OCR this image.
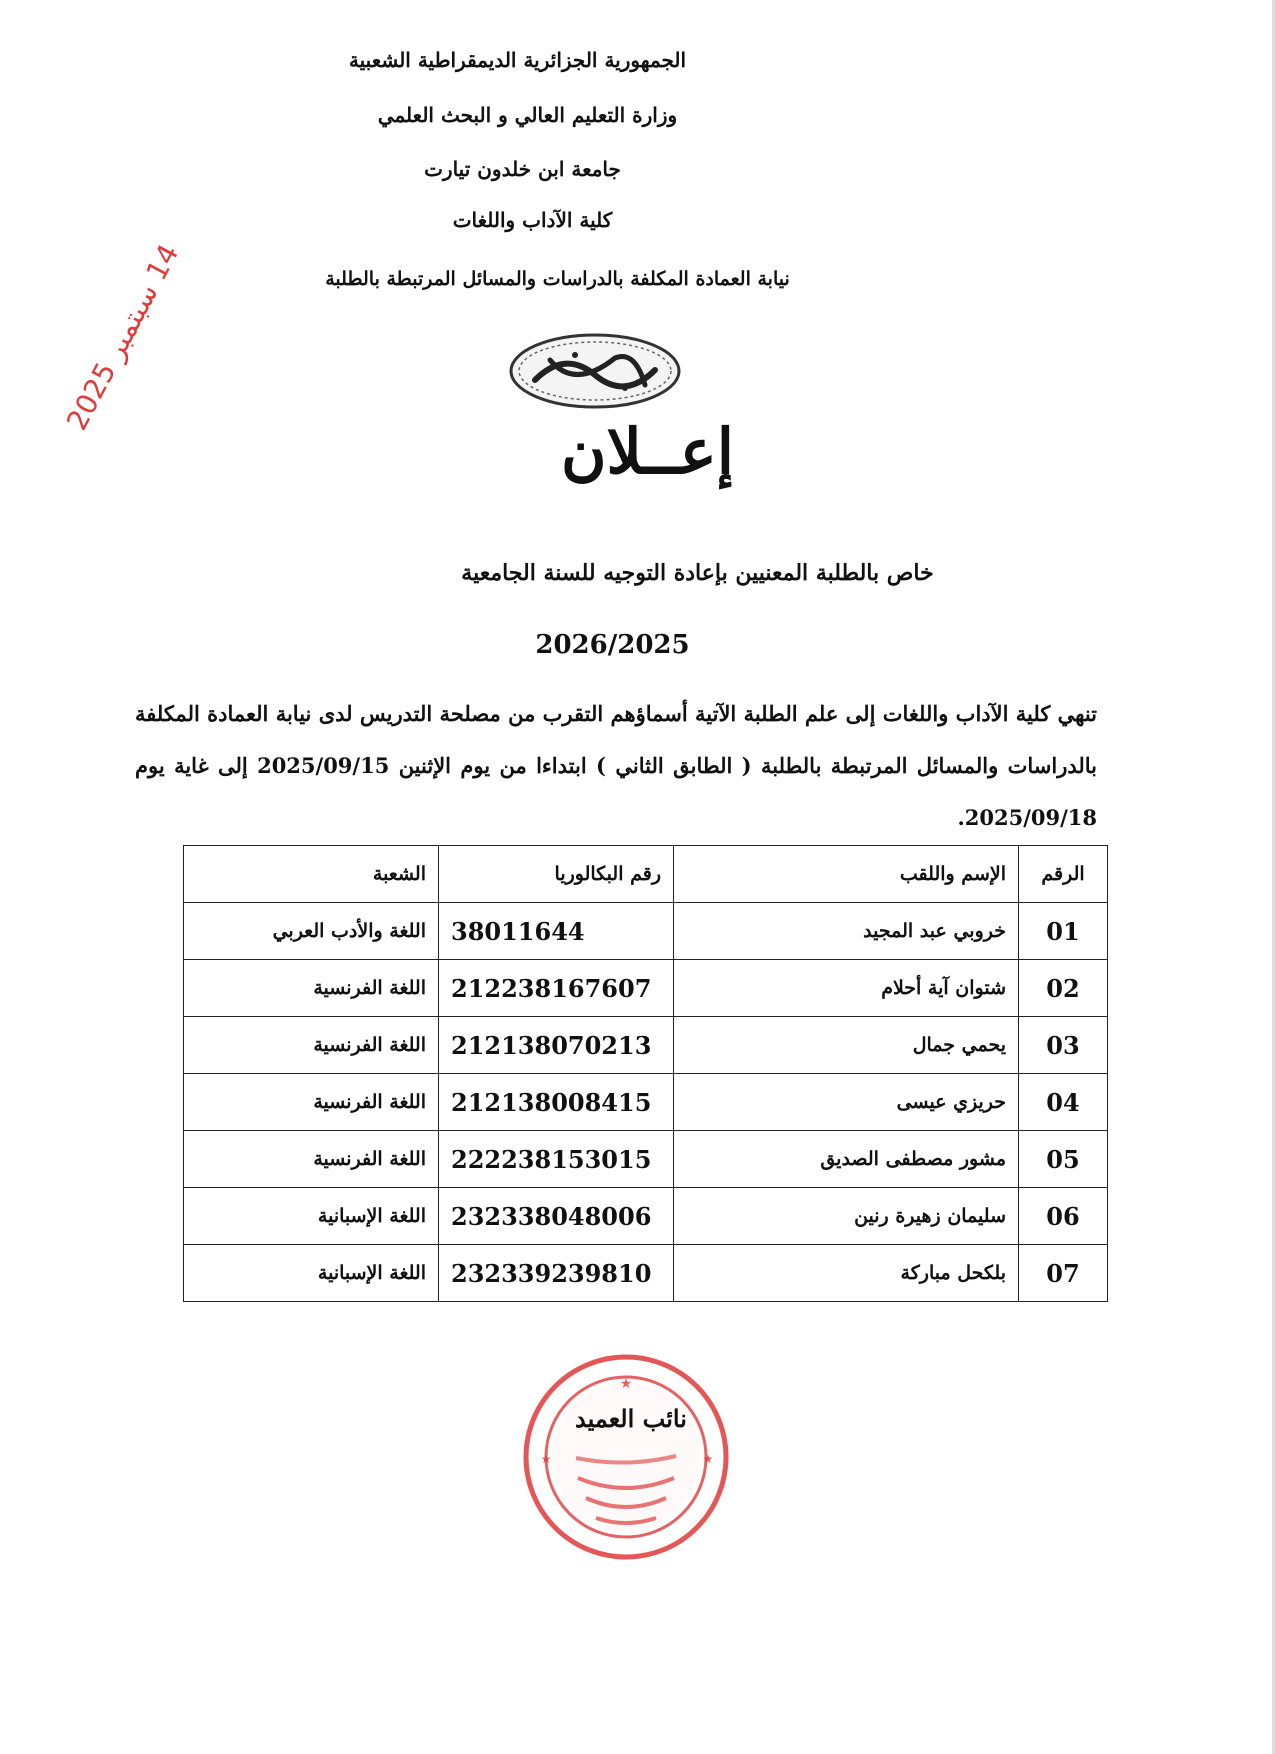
الجمهورية الجزائرية الديمقراطية الشعبية
وزارة التعليم العالي و البحث العلمي
جامعة ابن خلدون تيارت
كلية الآداب واللغات
نيابة العمادة المكلفة بالدراسات والمسائل المرتبطة بالطلبة
إعــلان
14 سبتمبر 2025
خاص بالطلبة المعنيين بإعادة التوجيه للسنة الجامعية
2026/2025
تنهي كلية الآداب واللغات إلى علم الطلبة الآتية أسماؤهم التقرب من مصلحة التدريس لدى نيابة العمادة المكلفة بالدراسات والمسائل المرتبطة بالطلبة ( الطابق الثاني ) ابتداءا من يوم الإثنين 2025/09/15 إلى غاية يوم 2025/09/18.
الرقم	الإسم واللقب	رقم البكالوريا	الشعبة
01	خروبي عبد المجيد	38011644	اللغة والأدب العربي
02	شتوان آية أحلام	212238167607	اللغة الفرنسية
03	يحمي جمال	212138070213	اللغة الفرنسية
04	حريزي عيسى	212138008415	اللغة الفرنسية
05	مشور مصطفى الصديق	222238153015	اللغة الفرنسية
06	سليمان زهيرة رنين	232338048006	اللغة الإسبانية
07	بلكحل مباركة	232339239810	اللغة الإسبانية
★
★	★
نائب العميد
